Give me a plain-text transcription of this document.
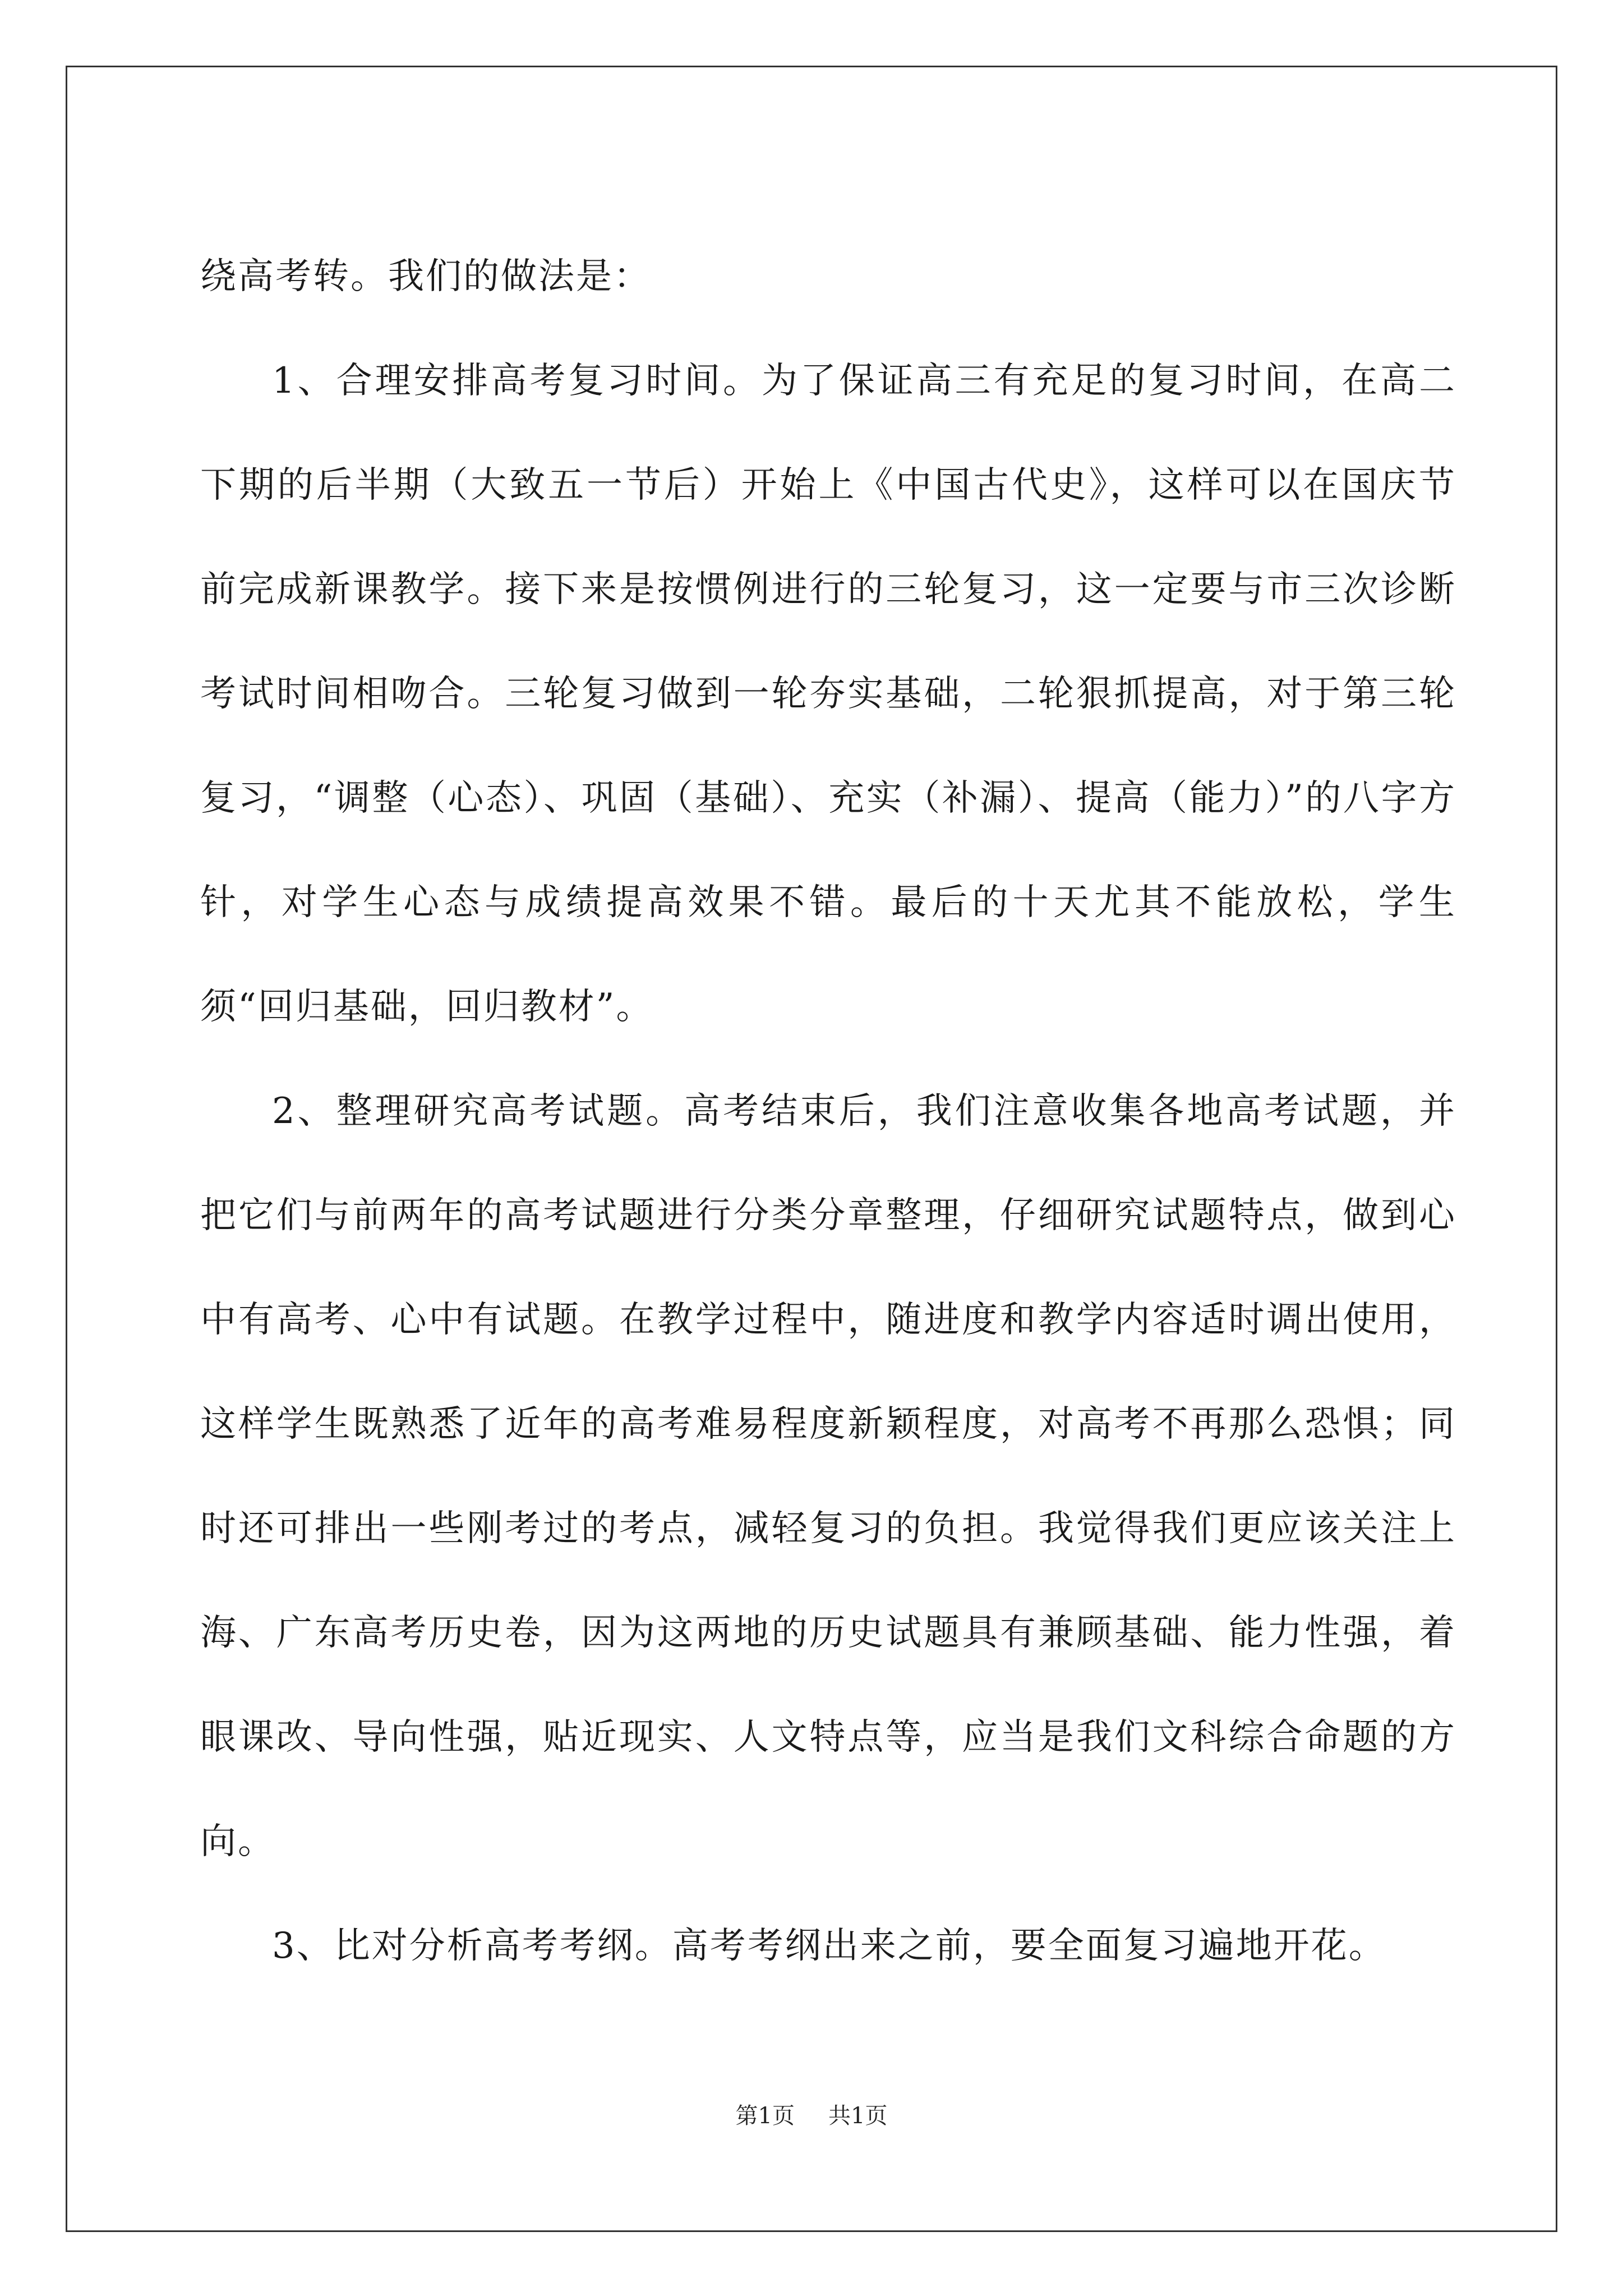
绕高考转。我们的做法是：

1、合理安排高考复习时间。为了保证高三有充足的复习时间，在高二下期的后半期（大致五一节后）开始上《中国古代史》，这样可以在国庆节前完成新课教学。接下来是按惯例进行的三轮复习，这一定要与市三次诊断考试时间相吻合。三轮复习做到一轮夯实基础，二轮狠抓提高，对于第三轮复习，“调整（心态）、巩固（基础）、充实（补漏）、提高（能力）”的八字方针，对学生心态与成绩提高效果不错。最后的十天尤其不能放松，学生须“回归基础，回归教材”。

2、整理研究高考试题。高考结束后，我们注意收集各地高考试题，并把它们与前两年的高考试题进行分类分章整理，仔细研究试题特点，做到心中有高考、心中有试题。在教学过程中，随进度和教学内容适时调出使用，这样学生既熟悉了近年的高考难易程度新颖程度，对高考不再那么恐惧；同时还可排出一些刚考过的考点，减轻复习的负担。我觉得我们更应该关注上海、广东高考历史卷，因为这两地的历史试题具有兼顾基础、能力性强，着眼课改、导向性强，贴近现实、人文特点等，应当是我们文科综合命题的方向。

3、比对分析高考考纲。高考考纲出来之前，要全面复习遍地开花。

第1页 共1页
